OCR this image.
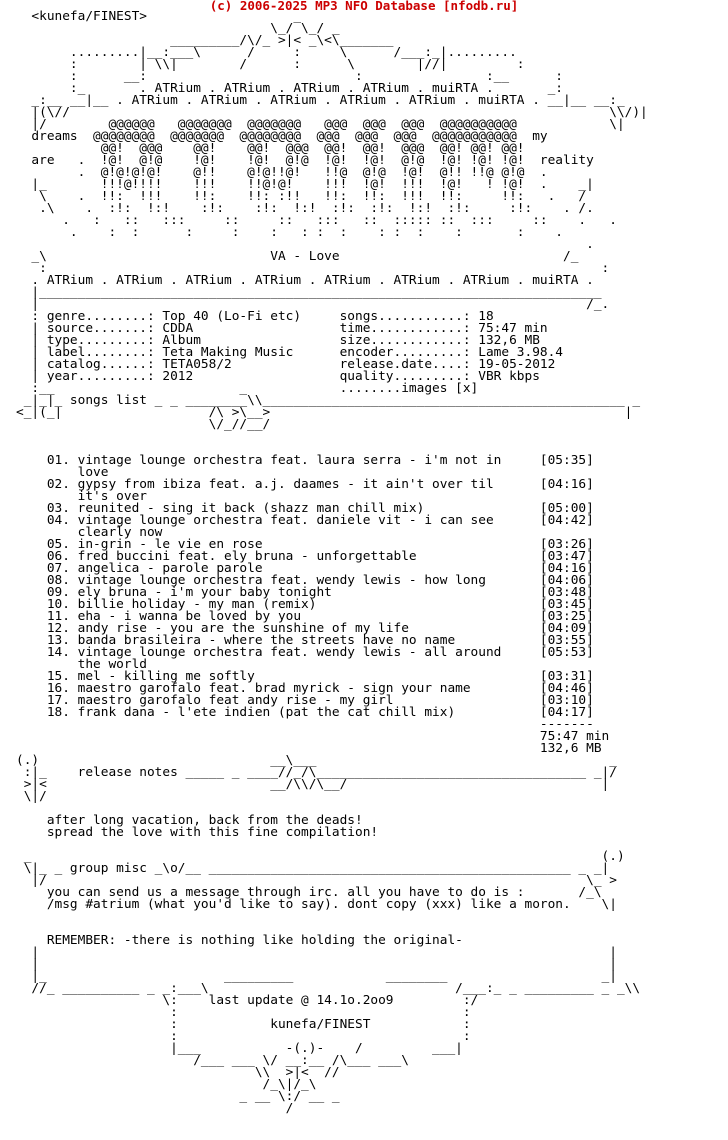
(c) 2006-2025 MP3 NFO Database [nfodb.ru]
<kunefa/FINEST>                   _
\_/ \_/ _
_________/\/_ >|< _\<\_______
.........|__:___\      /     :     \      /___:_|.........
:        | \\|        /      :      \        |//|         :
:      __:                           :                :__      :
:_       . ATRium . ATRium . ATRium . ATRium . muiRTA .       _:
_:__ __|__ . ATRium . ATRium . ATRium . ATRium . ATRium . muiRTA . __|__ __:_
|(\//                                                                      \\/)|
|/        @@@@@@   @@@@@@@  @@@@@@@   @@@  @@@  @@@  @@@@@@@@@@            \|
dreams  @@@@@@@@  @@@@@@@  @@@@@@@@  @@@  @@@  @@@  @@@@@@@@@@@  my
@@!  @@@    @@!    @@!  @@@  @@!  @@!  @@@  @@! @@! @@!
are   .  !@!  @!@    !@!    !@!  @!@  !@!  !@!  @!@  !@! !@! !@!  reality
.  @!@!@!@!    @!!    @!@!!@!   !!@  @!@  !@!  @!! !!@ @!@  .
|_       !!!@!!!!    !!!    !!@!@!    !!!  !@!  !!!  !@!   ! !@!  .    _|
\    .  !!:  !!!    !!:    !!: :!!   !!:  !!:  !!!  !!:     !!:   .   /
.\    .  :!:  !:!    :!:    :!:  !:!  :!:  :!:  !:!  :!:     :!:    . /.
.   :   ::   :::     ::     ::   :::   ::  ::::: ::  :::     ::    .   .
.    :  :      :     :    :   : :  :    : :  :    :       :    .
.
_\                             VA - Love                             /_
:                                                                        :
. ATRium . ATRium . ATRium . ATRium . ATRium . ATRium . ATRium . muiRTA .
|_________________________________________________________________________
|                                                                       /_.
: genre........: Top 40 (Lo-Fi etc)     songs...........: 18
| source.......: CDDA                   time............: 75:47 min
| type.........: Album                  size............: 132,6 MB
| label........: Teta Making Music      encoder.........: Lame 3.98.4
| catalog......: TETA058/2              release.date....: 19-05-2012
| year.........: 2012                   quality.........: VBR kbps
:__                        _            ........images [x]
_|_|_ songs list _ _ ________\\_______________________________________________ _
<_|(_|                   /\ >\__>                                              |
\/_//__/
01. vintage lounge orchestra feat. laura serra - i'm not in     [05:35]
love
02. gypsy from ibiza feat. a.j. daames - it ain't over til      [04:16]
it's over
03. reunited - sing it back (shazz man chill mix)               [05:00]
04. vintage lounge orchestra feat. daniele vit - i can see      [04:42]
clearly now
05. in-grin - le vie en rose                                    [03:26]
06. fred buccini feat. ely bruna - unforgettable                [03:47]
07. angelica - parole parole                                    [04:16]
08. vintage lounge orchestra feat. wendy lewis - how long       [04:06]
09. ely bruna - i'm your baby tonight                           [03:48]
10. billie holiday - my man (remix)                             [03:45]
11. eha - i wanna be loved by you                               [03:25]
12. andy rise - you are the sunshine of my life                 [04:09]
13. banda brasileira - where the streets have no name           [03:55]
14. vintage lounge orchestra feat. wendy lewis - all around     [05:53]
the world
15. mel - killing me softly                                     [03:31]
16. maestro garofalo feat. brad myrick - sign your name         [04:46]
17. maestro garofalo feat andy rise - my girl                   [03:10]
18. frank dana - l'ete indien (pat the cat chill mix)           [04:17]
-------
75:47 min
132,6 MB
(.)                              __\___                                      _
:|_    release notes _____ _ ____//_/\___________________________________ _|/
>|<                             __/\\/\__/                                 |
\|/
after long vacation, back from the deads!
spread the love with this fine compilation!
_                                                                          (.)
\|_ _ group misc _\o/__ _______________________________________________ _ _|
|/                                                                      \_ >
you can send us a message through irc. all you have to do is :       /_\
/msg #atrium (what you'd like to say). dont copy (xxx) like a moron.    \|
REMEMBER: -there is nothing like holding the original-
|                                                                          |
|                                                                          |
|_                       _________            ________                    _|
//_ __________ _ _:___\                                /___:_ _ _________ _ _\\
\:    last update @ 14.1o.2oo9         :/
:                                     :
:            kunefa/FINEST            :
:                                     :
|___           -(.)-    /         ___|
/___ ___ \/ __:__ /\___ ___\
\\  >|<  //
/_\|/_\
_ __ \:/ __ _
/
